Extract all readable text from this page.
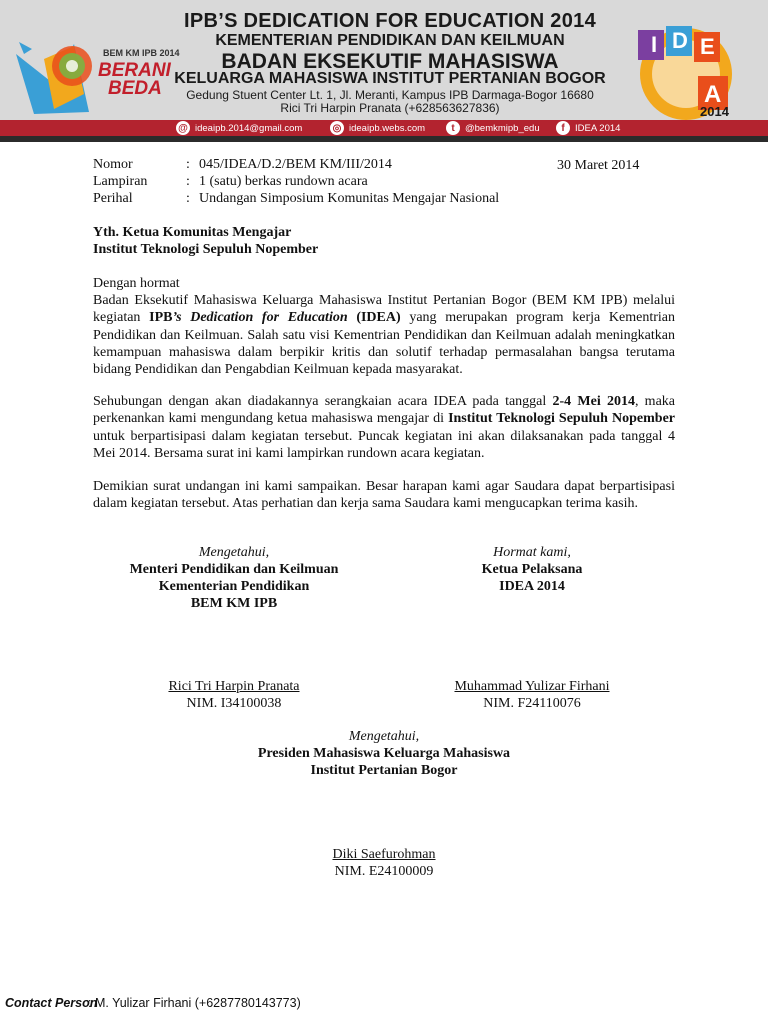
BEM KM IPB 2014
BERANI
BEDA
IPB’S DEDICATION FOR EDUCATION 2014
KEMENTERIAN PENDIDIKAN DAN KEILMUAN
BADAN EKSEKUTIF MAHASISWA
KELUARGA MAHASISWA INSTITUT PERTANIAN BOGOR
Gedung Stuent Center Lt. 1, Jl. Meranti, Kampus IPB Darmaga-Bogor 16680
Rici Tri Harpin Pranata (+628563627836)
I D E
A
2014
@ ideaipb.2014@gmail.com	◎ ideaipb.webs.com	t	@bemkmipb_edu	f	IDEA 2014
Nomor	: 045/IDEA/D.2/BEM KM/III/2014	30 Maret 2014
Lampiran	: 1 (satu) berkas rundown acara
Perihal	: Undangan Simposium Komunitas Mengajar Nasional
Yth. Ketua Komunitas Mengajar
Institut Teknologi Sepuluh Nopember
Dengan hormat
Badan Eksekutif Mahasiswa Keluarga Mahasiswa Institut Pertanian Bogor (BEM KM IPB) melalui kegiatan IPB’s Dedication for Education (IDEA) yang merupakan program kerja Kementrian Pendidikan dan Keilmuan. Salah satu visi Kementrian Pendidikan dan Keilmuan adalah meningkatkan kemampuan mahasiswa dalam berpikir kritis dan solutif terhadap permasalahan bangsa terutama bidang Pendidikan dan Pengabdian Keilmuan kepada masyarakat.
Sehubungan dengan akan diadakannya serangkaian acara IDEA pada tanggal 2-4 Mei 2014, maka perkenankan kami mengundang ketua mahasiswa mengajar di Institut Teknologi Sepuluh Nopember untuk berpartisipasi dalam kegiatan tersebut. Puncak kegiatan ini akan dilaksanakan pada tanggal 4 Mei 2014. Bersama surat ini kami lampirkan rundown acara kegiatan.
Demikian surat undangan ini kami sampaikan. Besar harapan kami agar Saudara dapat berpartisipasi dalam kegiatan tersebut. Atas perhatian dan kerja sama Saudara kami mengucapkan terima kasih.
Mengetahui,
Menteri Pendidikan dan Keilmuan
Kementerian Pendidikan
BEM KM IPB
Rici Tri Harpin Pranata
NIM. I34100038
Hormat kami,
Ketua Pelaksana
IDEA 2014
Muhammad Yulizar Firhani
NIM. F24110076
Mengetahui,
Presiden Mahasiswa Keluarga Mahasiswa
Institut Pertanian Bogor
Diki Saefurohman
NIM. E24100009
Contact Person
: M. Yulizar Firhani (+6287780143773)
